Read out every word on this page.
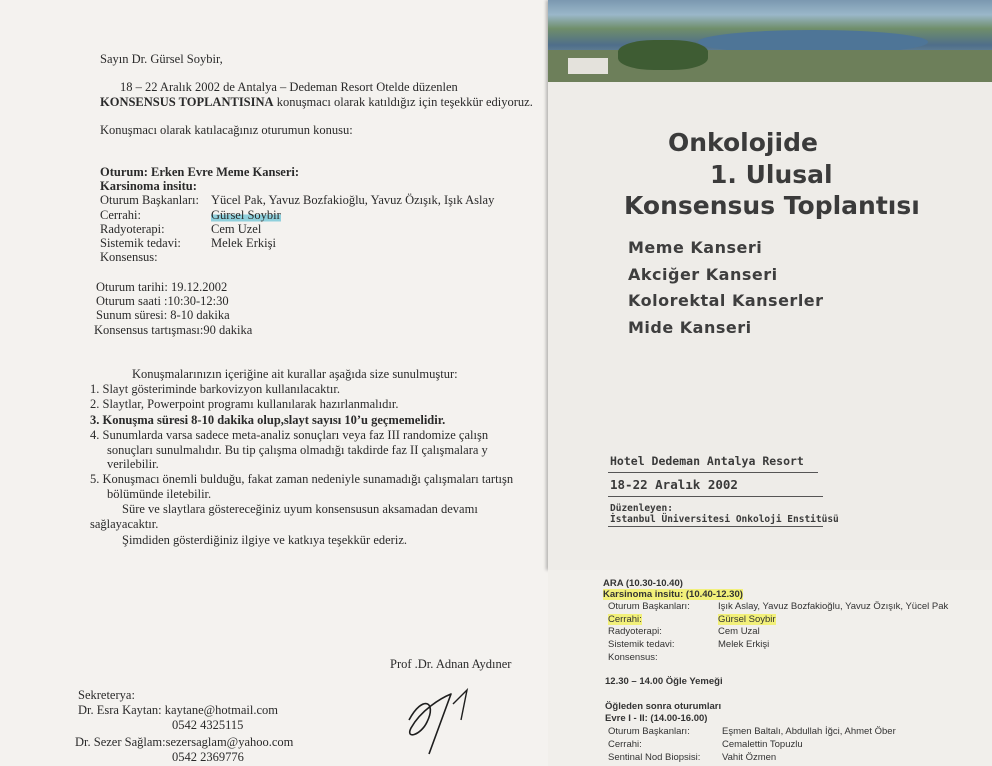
Sayın Dr. Gürsel Soybir,
18 – 22 Aralık 2002 de Antalya – Dedeman Resort Otelde düzenlen
KONSENSUS TOPLANTISINA konuşmacı olarak katıldığız için teşekkür ediyoruz.
Konuşmacı olarak katılacağınız oturumun konusu:
Oturum: Erken Evre Meme Kanseri:
Karsinoma insitu:
Oturum Başkanları: Yücel Pak, Yavuz Bozfakioğlu, Yavuz Özışık, Işık Aslay
Cerrahi:	Gürsel Soybir
Radyoterapi:	Cem Uzel
Sistemik tedavi: Melek Erkişi
Konsensus:
Oturum tarihi: 19.12.2002
Oturum saati :10:30-12:30
Sunum süresi: 8-10 dakika
Konsensus tartışması:90 dakika
Konuşmalarınızın içeriğine ait kurallar aşağıda size sunulmuştur:
1. Slayt gösteriminde barkovizyon kullanılacaktır.
2. Slaytlar, Powerpoint programı kullanılarak hazırlanmalıdır.
3. Konuşma süresi 8-10 dakika olup,slayt sayısı 10’u geçmemelidir.
4. Sunumlarda varsa sadece meta-analiz sonuçları veya faz III randomize çalışn
sonuçları sunulmalıdır. Bu tip çalışma olmadığı takdirde faz II çalışmalara y
verilebilir.
5. Konuşmacı önemli bulduğu, fakat zaman nedeniyle sunamadığı çalışmaları tartışn
bölümünde iletebilir.
Süre ve slaytlara göstereceğiniz uyum konsensusun aksamadan devamı
sağlayacaktır.
Şimdiden gösterdiğiniz ilgiye ve katkıya teşekkür ederiz.
Prof .Dr. Adnan Aydıner
Sekreterya:
Dr. Esra Kaytan: kaytane@hotmail.com
0542 4325115
Dr. Sezer Sağlam:sezersaglam@yahoo.com
0542 2369776
Onkolojide
1. Ulusal
Konsensus Toplantısı
Meme Kanseri
Akciğer Kanseri
Kolorektal Kanserler
Mide Kanseri
Hotel Dedeman Antalya Resort
18-22 Aralık 2002
Düzenleyen:
İstanbul Üniversitesi Onkoloji Enstitüsü
ARA (10.30-10.40)
Karsinoma insitu: (10.40-12.30)
Oturum Başkanları:	Işık Aslay, Yavuz Bozfakioğlu, Yavuz Özışık, Yücel Pak
Cerrahi:	Gürsel Soybir
Radyoterapi:	Cem Uzal
Sistemik tedavi:	Melek Erkişi
Konsensus:
12.30 – 14.00 Öğle Yemeği
Öğleden sonra oturumları
Evre I - II: (14.00-16.00)
Oturum Başkanları:	Eşmen Baltalı, Abdullah İğci, Ahmet Öber
Cerrahi:	Cemalettin Topuzlu
Sentinal Nod Biopsisi: Vahit Özmen
